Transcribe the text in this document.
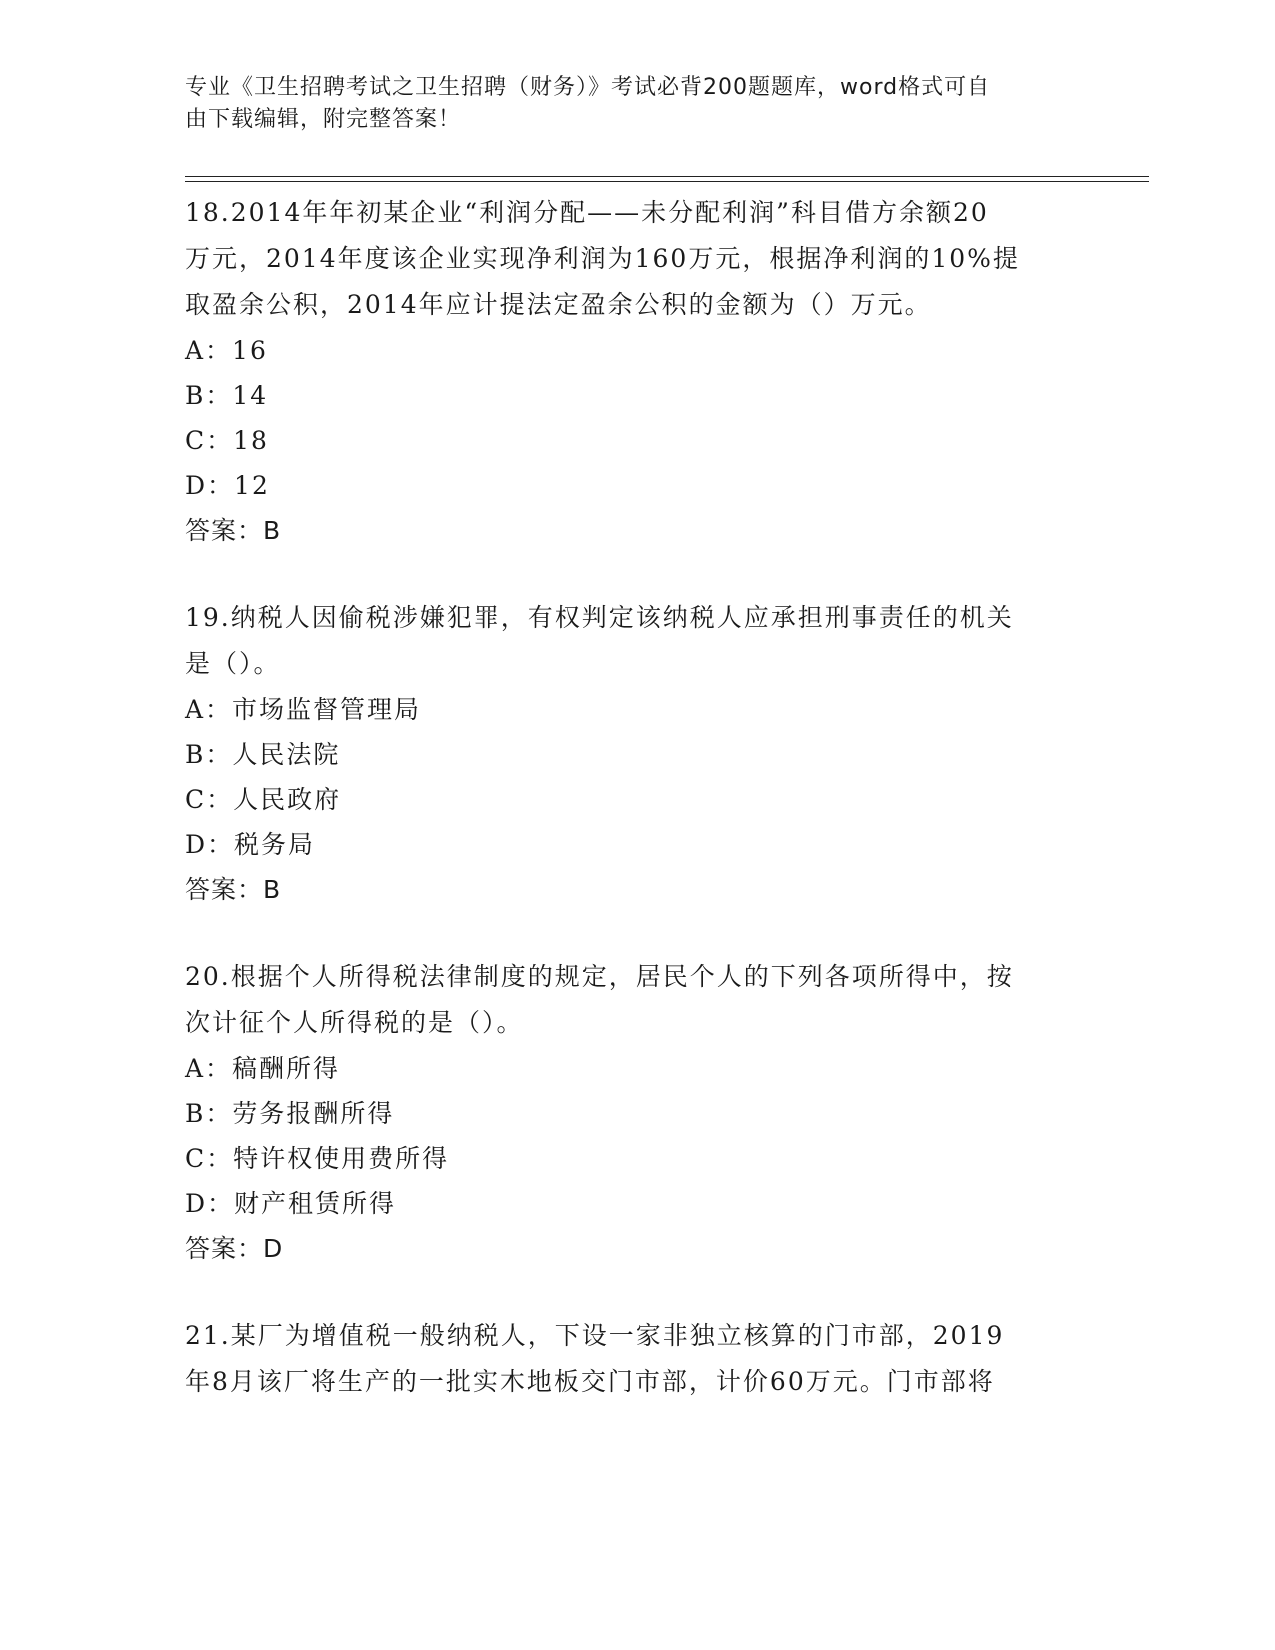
专业《卫生招聘考试之卫生招聘（财务）》考试必背200题题库，word格式可自
由下载编辑，附完整答案！

18.2014年年初某企业“利润分配——未分配利润”科目借方余额20

万元，2014年度该企业实现净利润为160万元，根据净利润的10%提

取盈余公积，2014年应计提法定盈余公积的金额为（）万元。

A：16

B：14

C：18

D：12

答案：B

19.纳税人因偷税涉嫌犯罪，有权判定该纳税人应承担刑事责任的机关

是（）。

A：市场监督管理局

B：人民法院

C：人民政府

D：税务局

答案：B

20.根据个人所得税法律制度的规定，居民个人的下列各项所得中，按

次计征个人所得税的是（）。

A：稿酬所得

B：劳务报酬所得

C：特许权使用费所得

D：财产租赁所得

答案：D

21.某厂为增值税一般纳税人，下设一家非独立核算的门市部，2019

年8月该厂将生产的一批实木地板交门市部，计价60万元。门市部将
